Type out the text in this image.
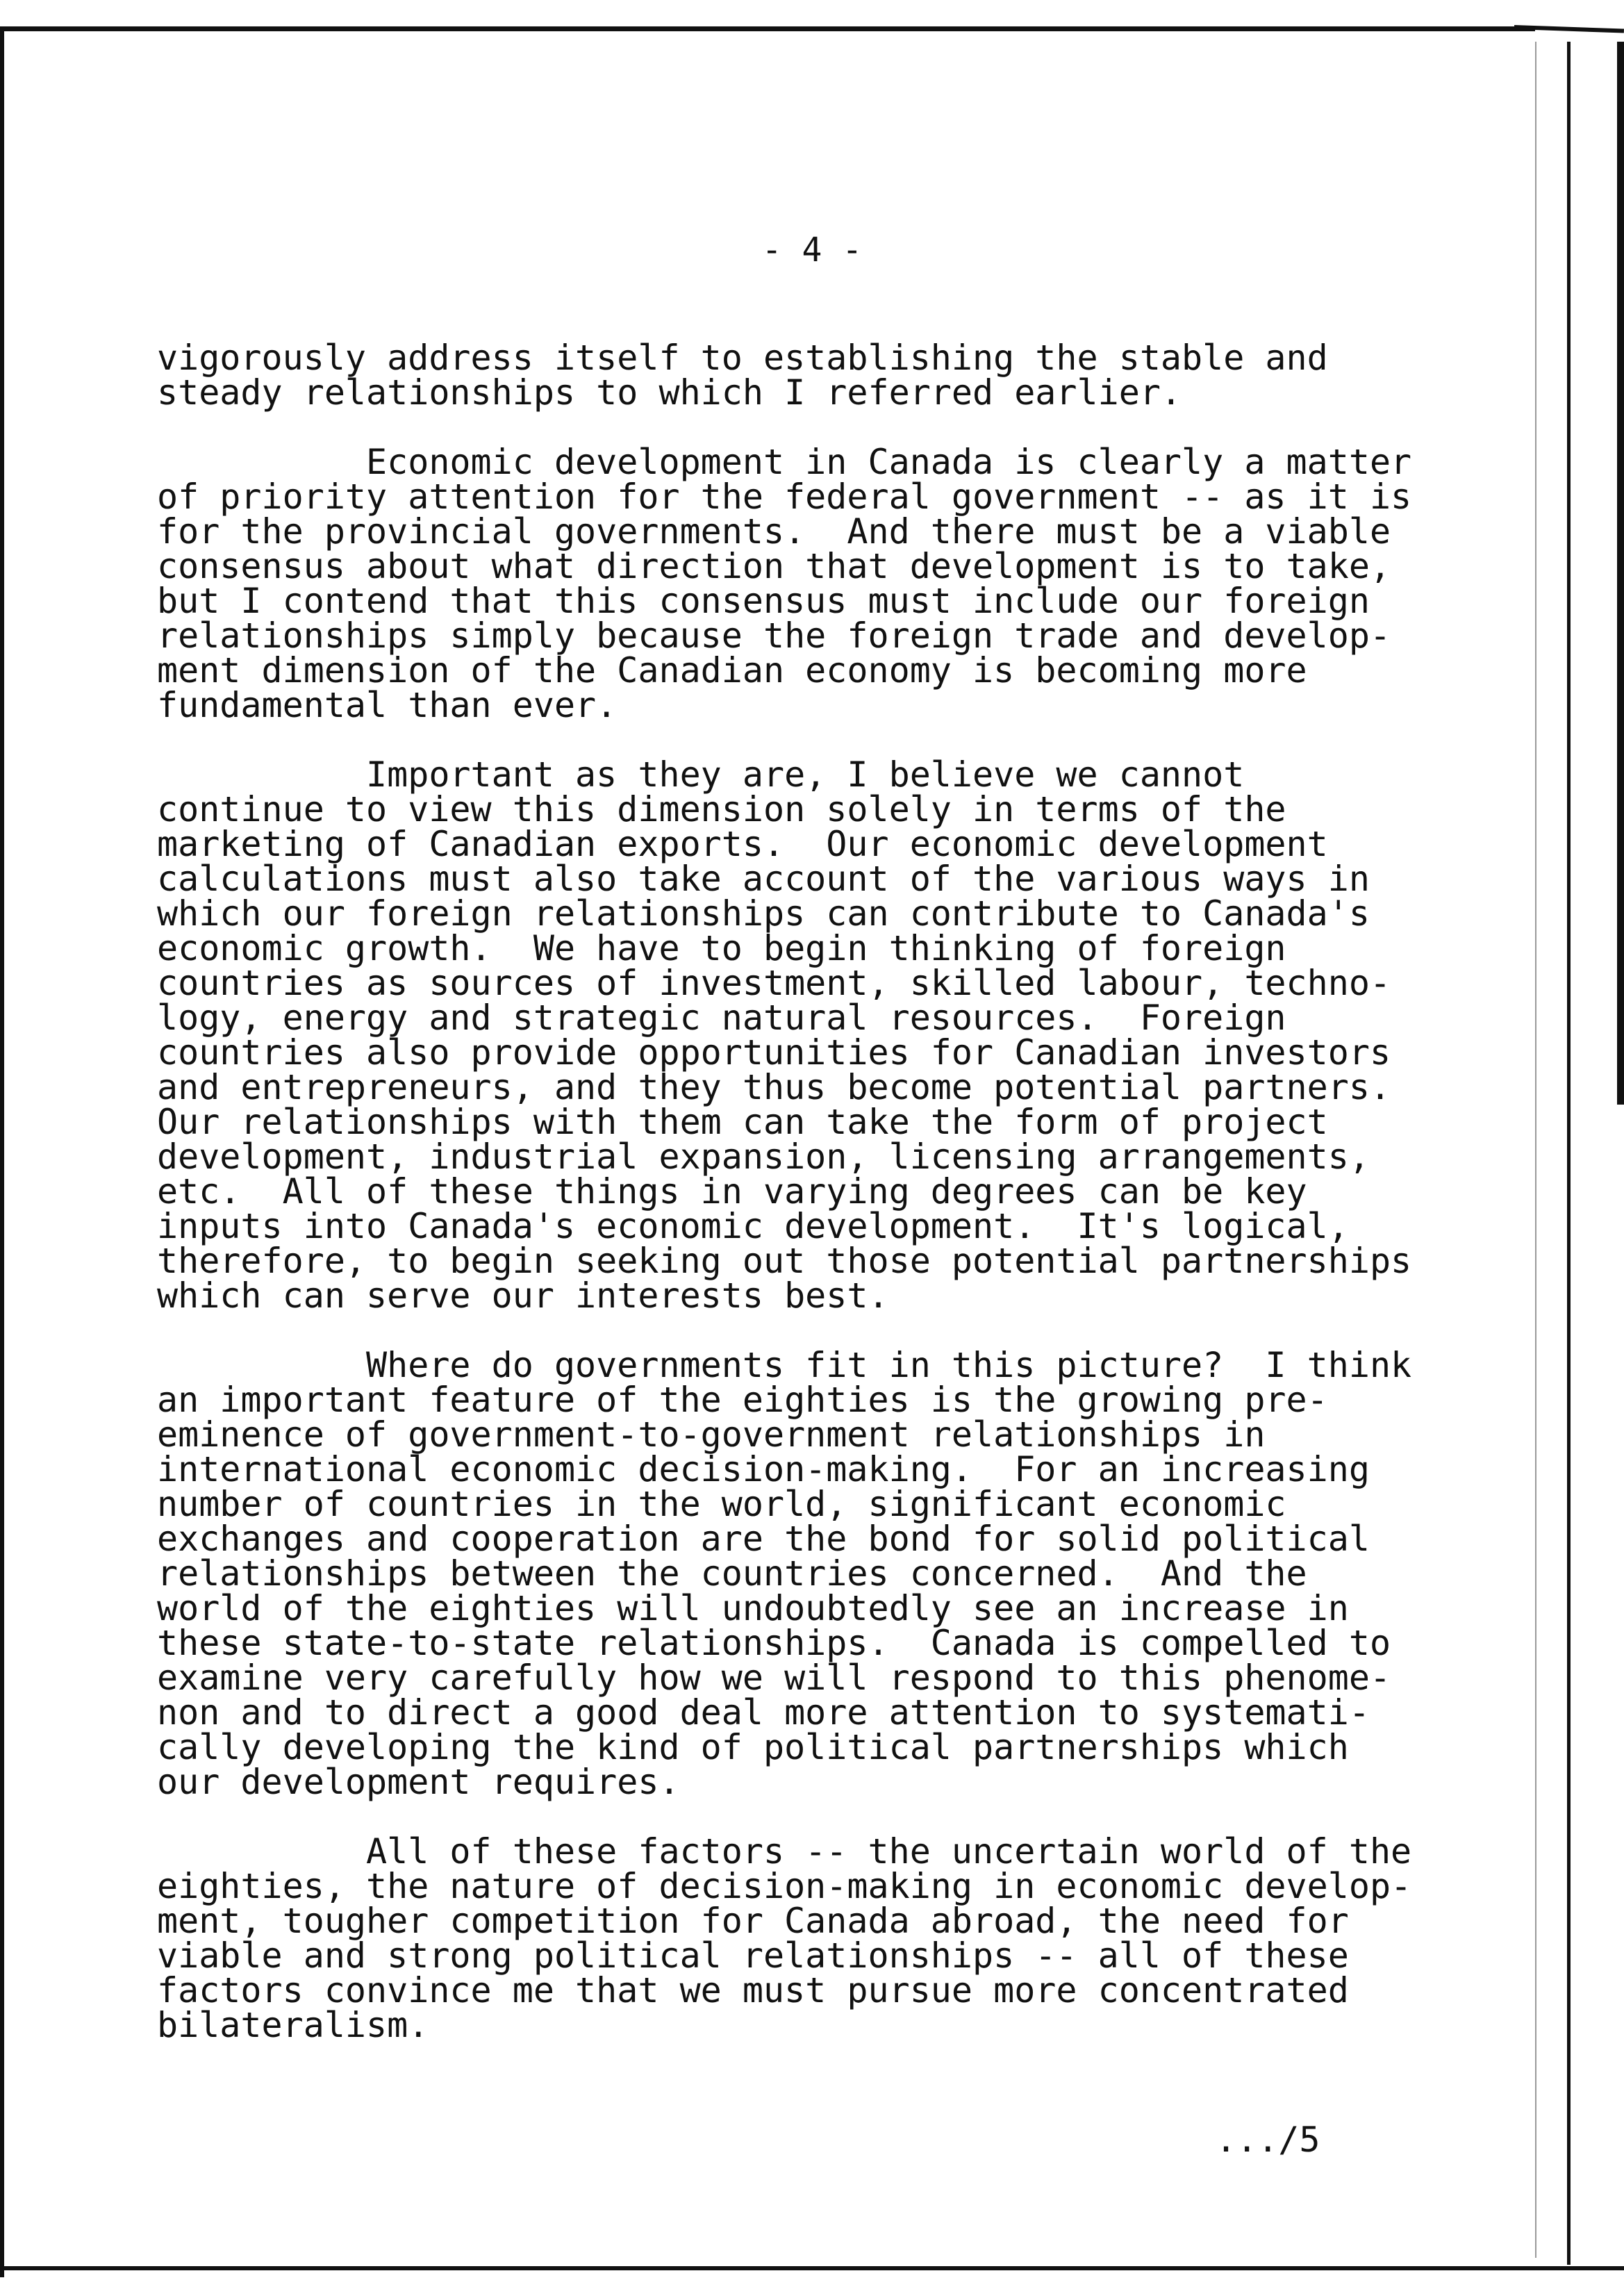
- 4 -

vigorously address itself to establishing the stable and
steady relationships to which I referred earlier.

Economic development in Canada is clearly a matter
of priority attention for the federal government -- as it is
for the provincial governments.  And there must be a viable
consensus about what direction that development is to take,
but I contend that this consensus must include our foreign
relationships simply because the foreign trade and develop-
ment dimension of the Canadian economy is becoming more
fundamental than ever.

Important as they are, I believe we cannot
continue to view this dimension solely in terms of the
marketing of Canadian exports.  Our economic development
calculations must also take account of the various ways in
which our foreign relationships can contribute to Canada's
economic growth.  We have to begin thinking of foreign
countries as sources of investment, skilled labour, techno-
logy, energy and strategic natural resources.  Foreign
countries also provide opportunities for Canadian investors
and entrepreneurs, and they thus become potential partners.
Our relationships with them can take the form of project
development, industrial expansion, licensing arrangements,
etc.  All of these things in varying degrees can be key
inputs into Canada's economic development.  It's logical,
therefore, to begin seeking out those potential partnerships
which can serve our interests best.

Where do governments fit in this picture?  I think
an important feature of the eighties is the growing pre-
eminence of government-to-government relationships in
international economic decision-making.  For an increasing
number of countries in the world, significant economic
exchanges and cooperation are the bond for solid political
relationships between the countries concerned.  And the
world of the eighties will undoubtedly see an increase in
these state-to-state relationships.  Canada is compelled to
examine very carefully how we will respond to this phenome-
non and to direct a good deal more attention to systemati-
cally developing the kind of political partnerships which
our development requires.

All of these factors -- the uncertain world of the
eighties, the nature of decision-making in economic develop-
ment, tougher competition for Canada abroad, the need for
viable and strong political relationships -- all of these
factors convince me that we must pursue more concentrated
bilateralism.

.../5
